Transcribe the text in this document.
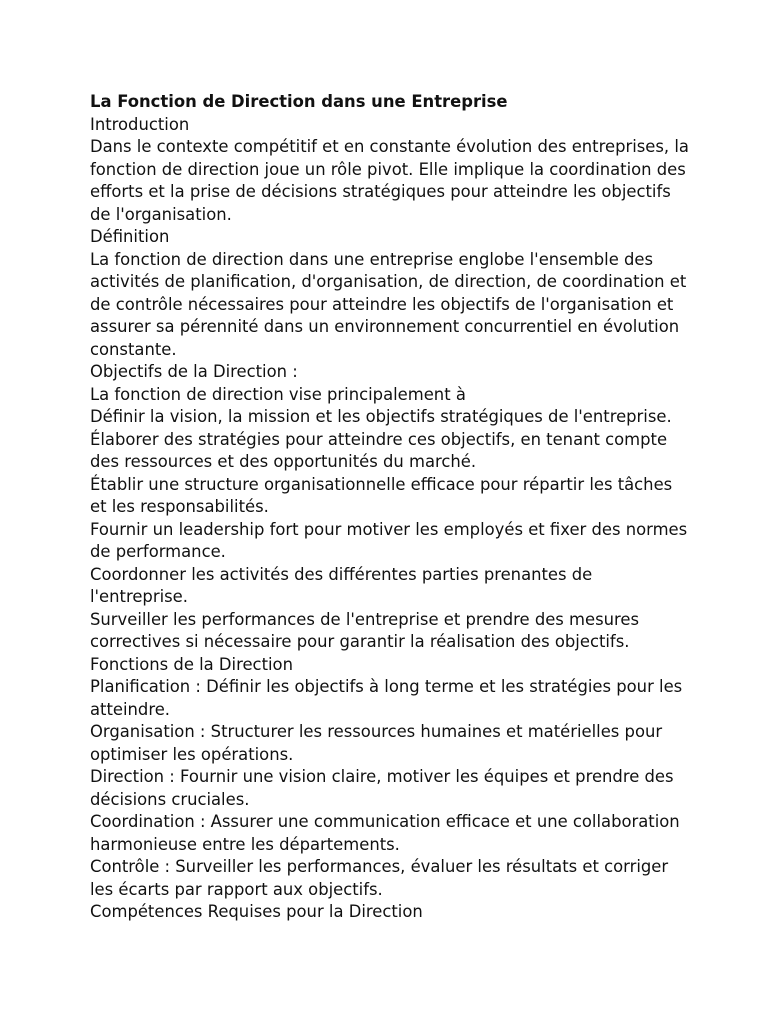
La Fonction de Direction dans une Entreprise

Introduction

Dans le contexte compétitif et en constante évolution des entreprises, la fonction de direction joue un rôle pivot. Elle implique la coordination des efforts et la prise de décisions stratégiques pour atteindre les objectifs de l'organisation.

Définition

La fonction de direction dans une entreprise englobe l'ensemble des activités de planification, d'organisation, de direction, de coordination et de contrôle nécessaires pour atteindre les objectifs de l'organisation et assurer sa pérennité dans un environnement concurrentiel en évolution constante.

Objectifs de la Direction :

La fonction de direction vise principalement à

Définir la vision, la mission et les objectifs stratégiques de l'entreprise.

Élaborer des stratégies pour atteindre ces objectifs, en tenant compte des ressources et des opportunités du marché.

Établir une structure organisationnelle efficace pour répartir les tâches et les responsabilités.

Fournir un leadership fort pour motiver les employés et fixer des normes de performance.

Coordonner les activités des différentes parties prenantes de l'entreprise.

Surveiller les performances de l'entreprise et prendre des mesures correctives si nécessaire pour garantir la réalisation des objectifs.

Fonctions de la Direction

Planification : Définir les objectifs à long terme et les stratégies pour les atteindre.

Organisation : Structurer les ressources humaines et matérielles pour optimiser les opérations.

Direction : Fournir une vision claire, motiver les équipes et prendre des décisions cruciales.

Coordination : Assurer une communication efficace et une collaboration harmonieuse entre les départements.

Contrôle : Surveiller les performances, évaluer les résultats et corriger les écarts par rapport aux objectifs.

Compétences Requises pour la Direction
